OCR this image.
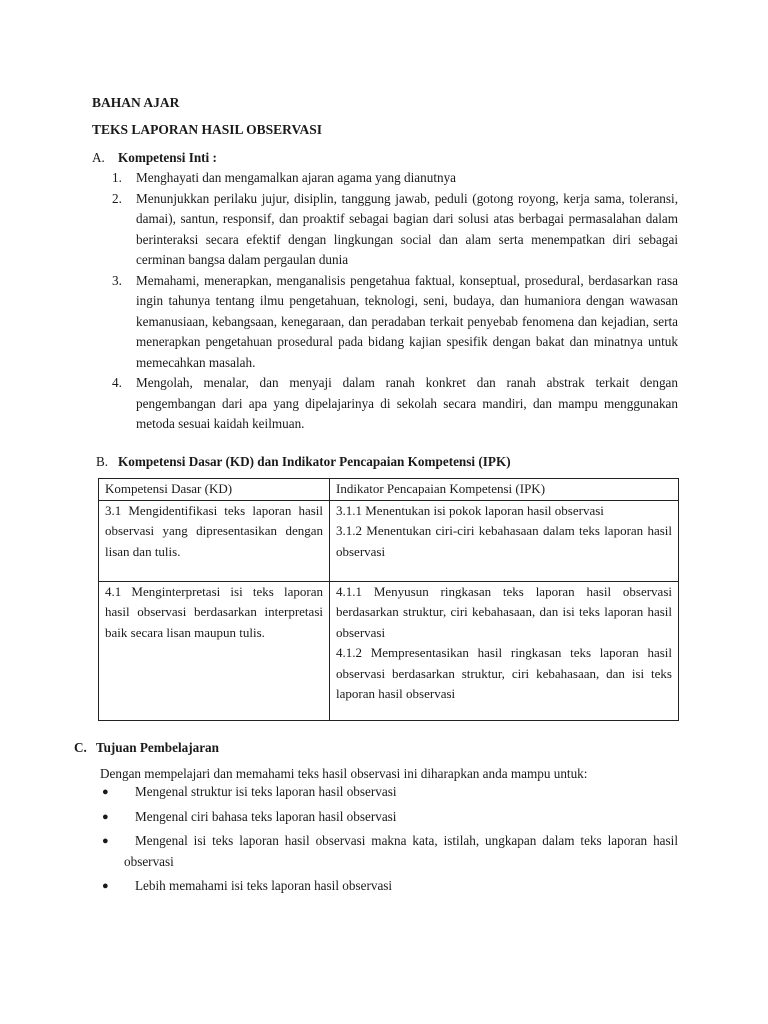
BAHAN AJAR
TEKS LAPORAN HASIL OBSERVASI
A. Kompetensi Inti :
1.	Menghayati dan mengamalkan ajaran agama yang dianutnya
2.	Menunjukkan perilaku jujur, disiplin, tanggung jawab, peduli (gotong royong, kerja sama, toleransi, damai), santun, responsif, dan proaktif sebagai bagian dari solusi atas berbagai permasalahan dalam berinteraksi secara efektif dengan lingkungan social dan alam serta menempatkan diri sebagai cerminan bangsa dalam pergaulan dunia
3.	Memahami, menerapkan, menganalisis pengetahua faktual, konseptual, prosedural, berdasarkan rasa ingin tahunya tentang ilmu pengetahuan, teknologi, seni, budaya, dan humaniora dengan wawasan kemanusiaan, kebangsaan, kenegaraan, dan peradaban terkait penyebab fenomena dan kejadian, serta menerapkan pengetahuan prosedural pada bidang kajian spesifik dengan bakat dan minatnya untuk memecahkan masalah.
4.	Mengolah, menalar, dan menyaji dalam ranah konkret dan ranah abstrak terkait dengan pengembangan dari apa yang dipelajarinya di sekolah secara mandiri, dan mampu menggunakan metoda sesuai kaidah keilmuan.
B. Kompetensi Dasar (KD) dan Indikator Pencapaian Kompetensi (IPK)
Kompetensi Dasar (KD)	Indikator Pencapaian Kompetensi (IPK)
3.1 Mengidentifikasi teks laporan hasil observasi yang dipresentasikan dengan lisan dan tulis.	3.1.1 Menentukan isi pokok laporan hasil observasi
3.1.2 Menentukan ciri-ciri kebahasaan dalam teks laporan hasil observasi

4.1 Menginterpretasi isi teks laporan hasil observasi berdasarkan interpretasi baik secara lisan maupun tulis.	4.1.1 Menyusun ringkasan teks laporan hasil observasi berdasarkan struktur, ciri kebahasaan, dan isi teks laporan hasil observasi
4.1.2 Mempresentasikan hasil ringkasan teks laporan hasil observasi berdasarkan struktur, ciri kebahasaan, dan isi teks laporan hasil observasi
C. Tujuan Pembelajaran
Dengan mempelajari dan memahami teks hasil observasi ini diharapkan anda mampu untuk:
●	Mengenal struktur isi teks laporan hasil observasi
●	Mengenal ciri bahasa teks laporan hasil observasi
●	Mengenal isi teks laporan hasil observasi makna kata, istilah, ungkapan dalam teks laporan hasil observasi
●	Lebih memahami isi teks laporan hasil observasi
